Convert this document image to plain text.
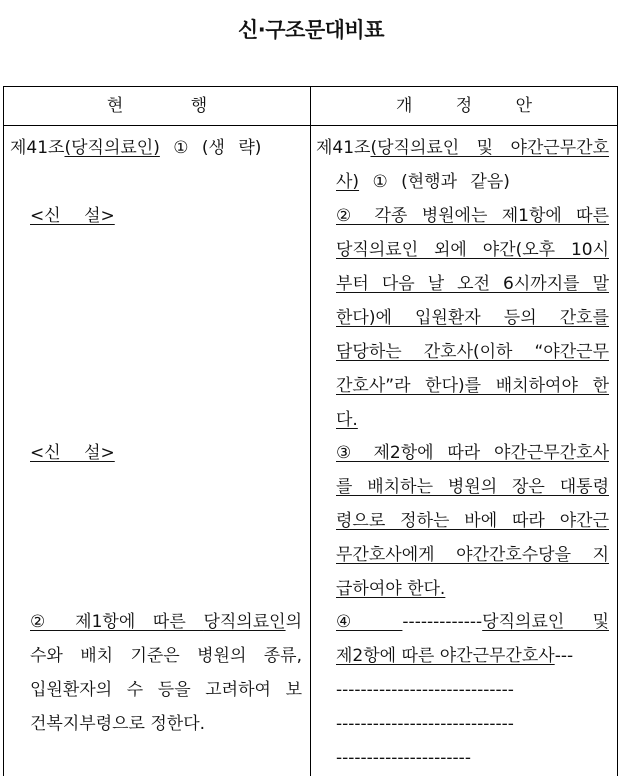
신·구조문대비표
현 행	개 정 안
제41조(당직의료인) ① (생 략)
<신 설>
<신 설>
② 제1항에 따른 당직의료인의
수와 배치 기준은 병원의 종류,
입원환자의 수 등을 고려하여 보
건복지부령으로 정한다.
제41조(당직의료인 및 야간근무간호
사) ① (현행과 같음)
② 각종 병원에는 제1항에 따른
당직의료인 외에 야간(오후 10시
부터 다음 날 오전 6시까지를 말
한다)에 입원환자 등의 간호를
담당하는 간호사(이하 “야간근무
간호사”라 한다)를 배치하여야 한
다.
③ 제2항에 따라 야간근무간호사
를 배치하는 병원의 장은 대통령
령으로 정하는 바에 따라 야간근
무간호사에게 야간간호수당을 지
급하여야 한다.
④ -------------당직의료인 및
제2항에 따른 야간근무간호사---
-----------------------------
-----------------------------
----------------------
